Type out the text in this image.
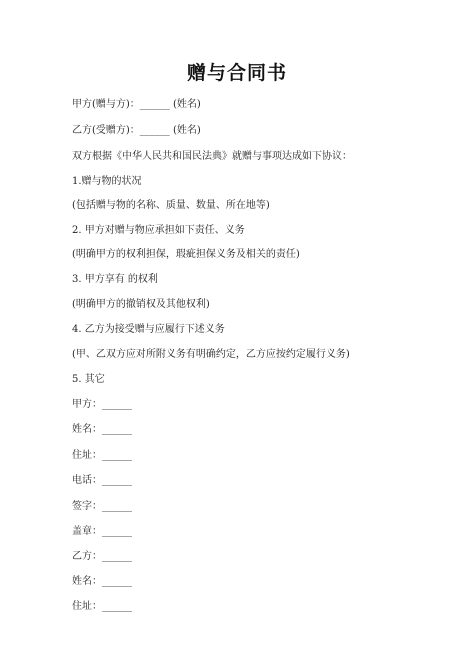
赠与合同书
甲方(赠与方)：______ (姓名)
乙方(受赠方)：______ (姓名)
双方根据《中华人民共和国民法典》就赠与事项达成如下协议：
1.赠与物的状况
(包括赠与物的名称、质量、数量、所在地等)
2. 甲方对赠与物应承担如下责任、义务
(明确甲方的权利担保，瑕疵担保义务及相关的责任)
3. 甲方享有 的权利
(明确甲方的撤销权及其他权利)
4. 乙方为接受赠与应履行下述义务
(甲、乙双方应对所附义务有明确约定，乙方应按约定履行义务)
5. 其它
甲方：______
姓名：______
住址：______
电话：______
签字：______
盖章：______
乙方：______
姓名：______
住址：______
